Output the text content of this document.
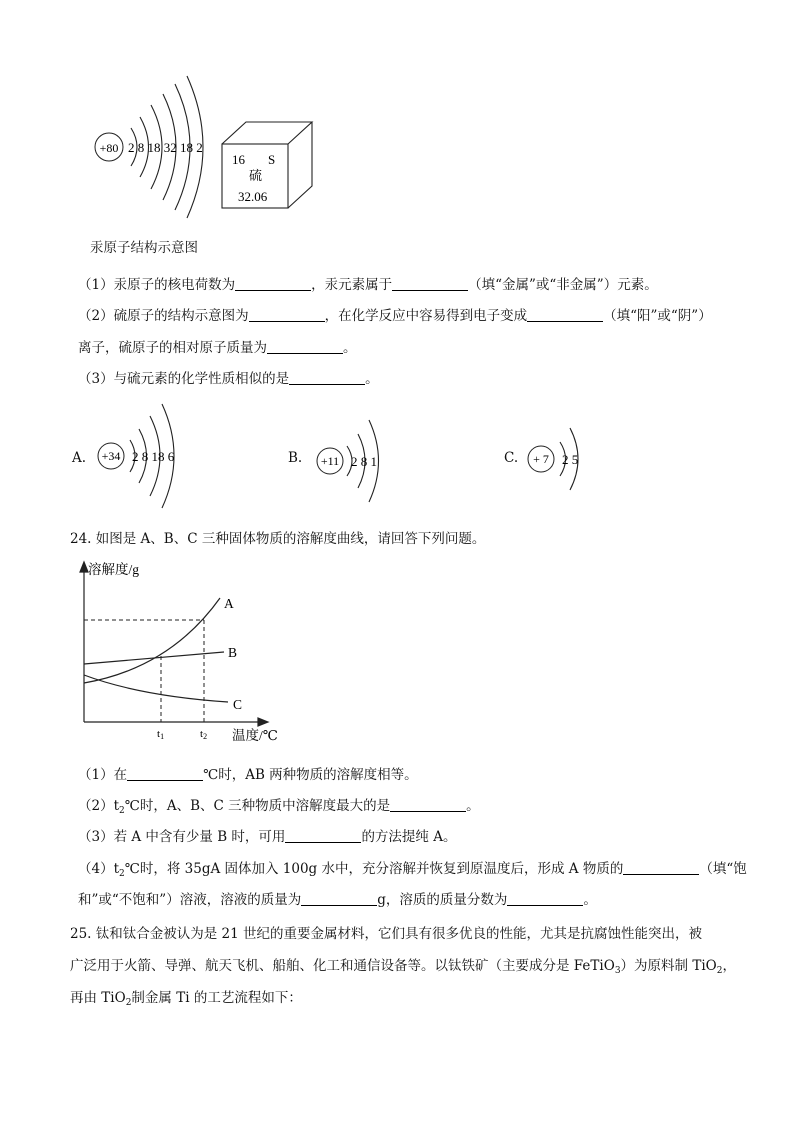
+80 2 8 18 32 18 2
16 S
硫
32.06
汞原子结构示意图
（1）汞原子的核电荷数为	，汞元素属于	（填“金属”或“非金属”）元素。
（2）硫原子的结构示意图为	，在化学反应中容易得到电子变成	（填“阳”或“阴”）
离子，硫原子的相对原子质量为	。
（3）与硫元素的化学性质相似的是	。
A. +34 2 8 18 6	B. +11 2 8 1	C. + 7 2 5
24. 如图是 A、B、C 三种固体物质的溶解度曲线，请回答下列问题。
溶解度/g
A
B
C
t1	t2 温度/℃
（1）在	℃时，AB 两种物质的溶解度相等。
$(2)t_2℃$时，A、B、C 三种物质中溶解度最大的是	。
（3）若 A 中含有少量 B 时，可用	的方法提纯 A。
$(4)t_2℃$时，将 35gA 固体加入 100g 水中，充分溶解并恢复到原温度后，形成 A 物质的	（填“饱
和”或“不饱和”）溶液，溶液的质量为	g，溶质的质量分数为	。
25. 钛和钛合金被认为是 21 世纪的重要金属材料，它们具有很多优良的性能，尤其是抗腐蚀性能突出，被
广泛用于火箭、导弹、航天飞机、船舶、化工和通信设备等。以钛铁矿（主要成分是 FeTiO$_3$）为原料制 TiO$_2$，
再由 TiO$_2$制金属 Ti 的工艺流程如下：
